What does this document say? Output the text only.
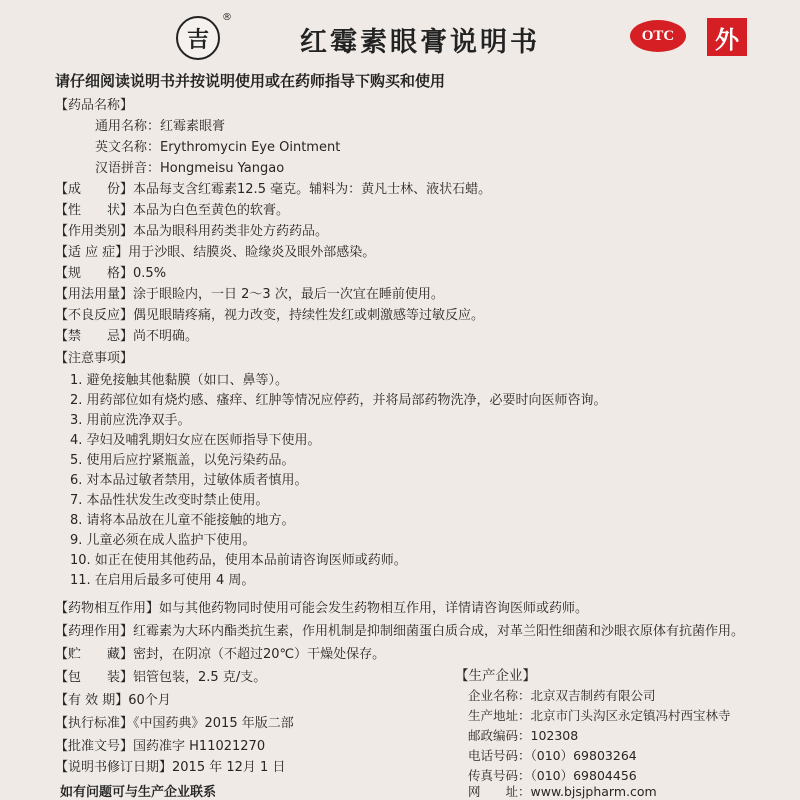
吉
®
红霉素眼膏说明书	OTC	外
请仔细阅读说明书并按说明使用或在药师指导下购买和使用
【药品名称】
通用名称：红霉素眼膏
英文名称：Erythromycin Eye Ointment
汉语拼音：Hongmeisu Yangao
【成　　份】本品每支含红霉素12.5 毫克。辅料为：黄凡士林、液状石蜡。
【性　　状】本品为白色至黄色的软膏。
【作用类别】本品为眼科用药类非处方药药品。
【适 应 症】用于沙眼、结膜炎、睑缘炎及眼外部感染。
【规　　格】0.5%
【用法用量】涂于眼睑内，一日 2～3 次，最后一次宜在睡前使用。
【不良反应】偶见眼睛疼痛，视力改变，持续性发红或刺激感等过敏反应。
【禁　　忌】尚不明确。
【注意事项】
1. 避免接触其他黏膜（如口、鼻等）。
2. 用药部位如有烧灼感、瘙痒、红肿等情况应停药，并将局部药物洗净，必要时向医师咨询。
3. 用前应洗净双手。
4. 孕妇及哺乳期妇女应在医师指导下使用。
5. 使用后应拧紧瓶盖，以免污染药品。
6. 对本品过敏者禁用，过敏体质者慎用。
7. 本品性状发生改变时禁止使用。
8. 请将本品放在儿童不能接触的地方。
9. 儿童必须在成人监护下使用。
10. 如正在使用其他药品，使用本品前请咨询医师或药师。
11. 在启用后最多可使用 4 周。
【药物相互作用】如与其他药物同时使用可能会发生药物相互作用，详情请咨询医师或药师。
【药理作用】红霉素为大环内酯类抗生素，作用机制是抑制细菌蛋白质合成，对革兰阳性细菌和沙眼衣原体有抗菌作用。
【贮　　藏】密封，在阴凉（不超过20℃）干燥处保存。
【包　　装】铝管包装，2.5 克/支。
【有 效 期】60个月
【执行标准】《中国药典》2015 年版二部
【批准文号】国药准字 H11021270
【说明书修订日期】2015 年 12月 1 日
【生产企业】
企业名称：北京双吉制药有限公司
生产地址：北京市门头沟区永定镇冯村西宝林寺
邮政编码：102308
电话号码：（010）69803264
传真号码：（010）69804456
网　　址：www.bjsjpharm.com
如有问题可与生产企业联系
